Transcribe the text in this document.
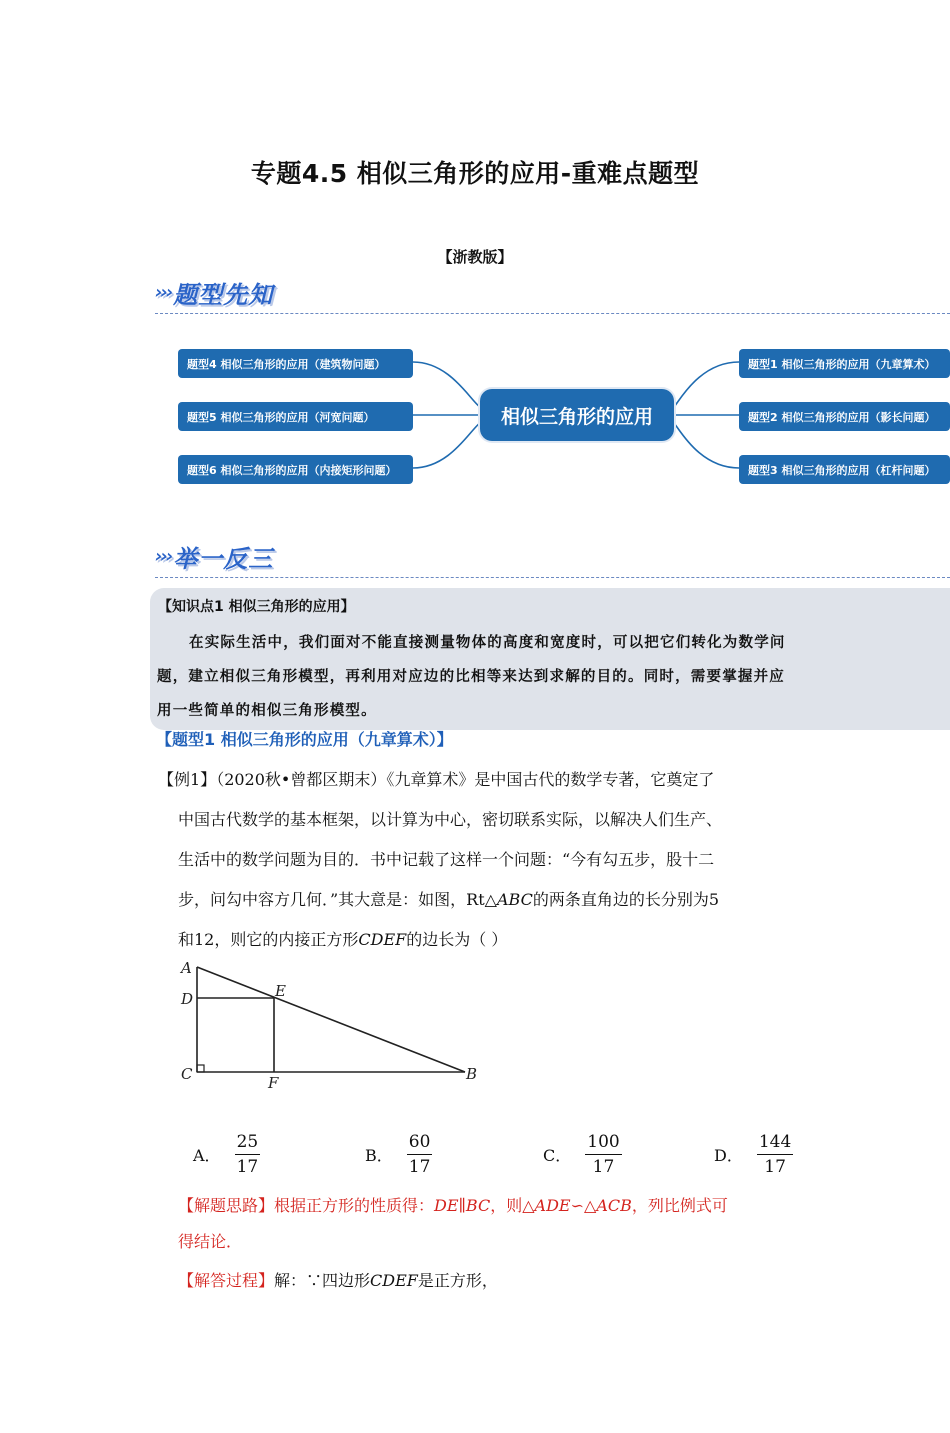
专题4.5 相似三角形的应用-重难点题型
【浙教版】
››› 题型先知
题型4 相似三角形的应用（建筑物问题）
题型5 相似三角形的应用（河宽问题）
题型6 相似三角形的应用（内接矩形问题）
相似三角形的应用
题型1 相似三角形的应用（九章算术）
题型2 相似三角形的应用（影长问题）
题型3 相似三角形的应用（杠杆问题）
››› 举一反三
【知识点1 相似三角形的应用】
在实际生活中，我们面对不能直接测量物体的高度和宽度时，可以把它们转化为数学问题，建立相似三角形模型，再利用对应边的比相等来达到求解的目的。同时，需要掌握并应用一些简单的相似三角形模型。
【题型1 相似三角形的应用（九章算术）】

【例1】（2020秋•曾都区期末）《九章算术》是中国古代的数学专著，它奠定了

中国古代数学的基本框架，以计算为中心，密切联系实际，以解决人们生产、

生活中的数学问题为目的．书中记载了这样一个问题：“今有勾五步，股十二

步，问勾中容方几何．”其大意是：如图，Rt△ABC的两条直角边的长分别为5

和12，则它的内接正方形CDEF的边长为（ ）

A
D	E
C	F	B
A． $\frac{25}{17}$	B． $\frac{60}{17}$	C． $\frac{100}{17}$	D． $\frac{144}{17}$

【解题思路】根据正方形的性质得：DE∥BC，则△ADE∽△ACB，列比例式可

得结论．

【解答过程】解：∵四边形CDEF是正方形，
